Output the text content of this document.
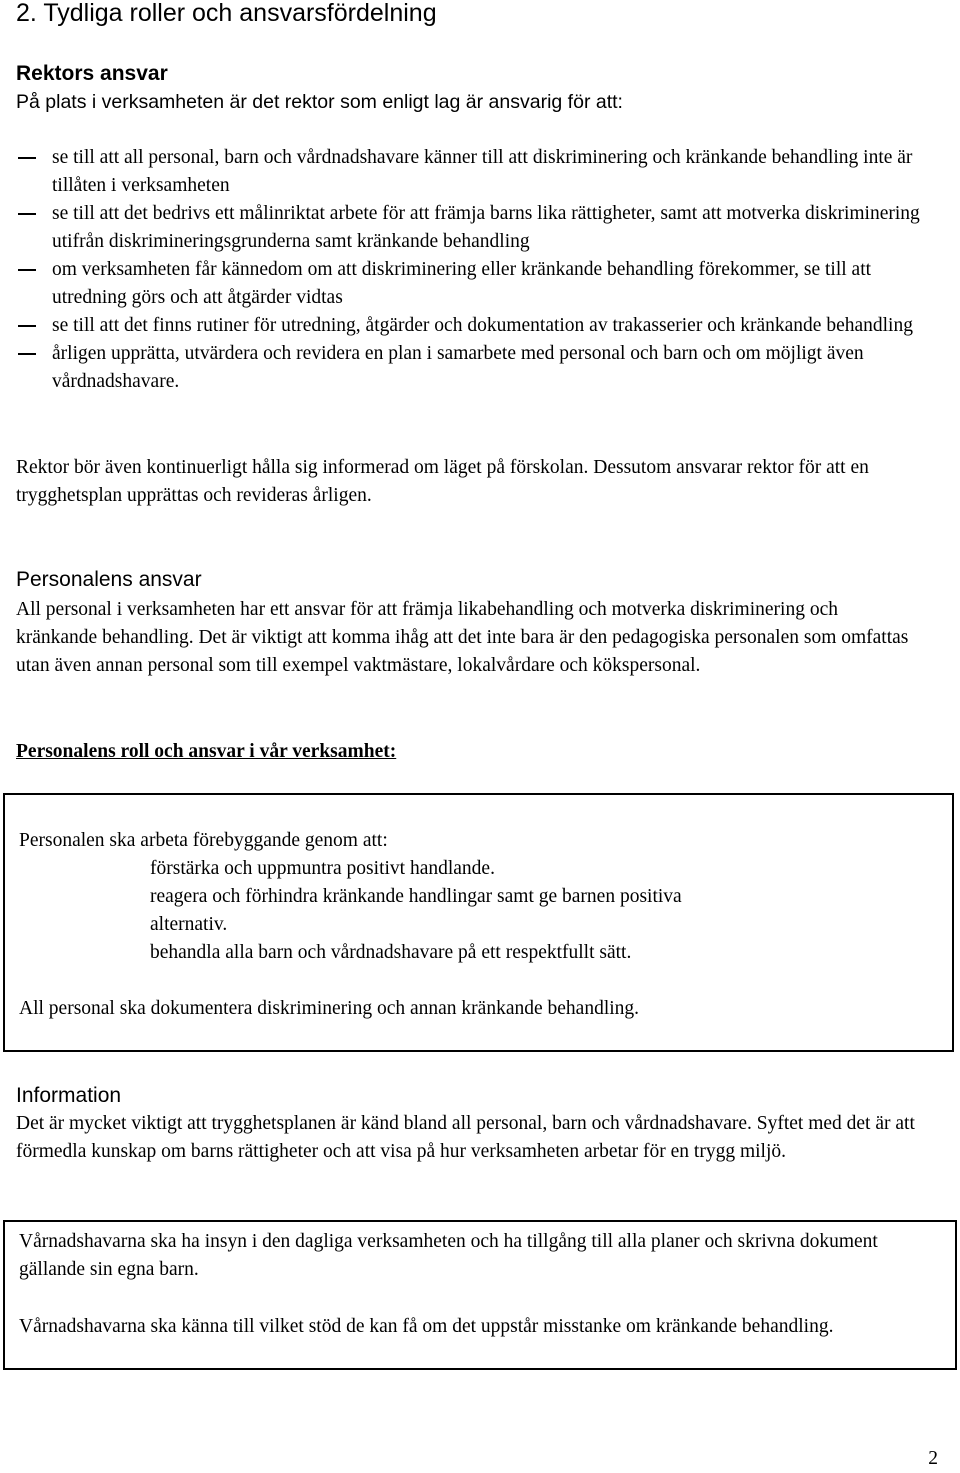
2. Tydliga roller och ansvarsfördelning
Rektors ansvar

På plats i verksamheten är det rektor som enligt lag är ansvarig för att:

se till att all personal, barn och vårdnadshavare känner till att diskriminering och kränkande behandling inte är tillåten i verksamheten
se till att det bedrivs ett målinriktat arbete för att främja barns lika rättigheter, samt att motverka diskriminering utifrån diskrimineringsgrunderna samt kränkande behandling
om verksamheten får kännedom om att diskriminering eller kränkande behandling förekommer, se till att utredning görs och att åtgärder vidtas
se till att det finns rutiner för utredning, åtgärder och dokumentation av trakasserier och kränkande behandling
årligen upprätta, utvärdera och revidera en plan i samarbete med personal och barn och om möjligt även vårdnadshavare.

Rektor bör även kontinuerligt hålla sig informerad om läget på förskolan. Dessutom ansvarar rektor för att en trygghetsplan upprättas och revideras årligen.

Personalens ansvar

All personal i verksamheten har ett ansvar för att främja likabehandling och motverka diskriminering och kränkande behandling. Det är viktigt att komma ihåg att det inte bara är den pedagogiska personalen som omfattas utan även annan personal som till exempel vaktmästare, lokalvårdare och kökspersonal.

Personalens roll och ansvar i vår verksamhet:

Personalen ska arbeta förebyggande genom att:

förstärka och uppmuntra positivt handlande.
reagera och förhindra kränkande handlingar samt ge barnen positiva alternativ.
behandla alla barn och vårdnadshavare på ett respektfullt sätt.

All personal ska dokumentera diskriminering och annan kränkande behandling.

Information

Det är mycket viktigt att trygghetsplanen är känd bland all personal, barn och vårdnadshavare. Syftet med det är att förmedla kunskap om barns rättigheter och att visa på hur verksamheten arbetar för en trygg miljö.

Vårnadshavarna ska ha insyn i den dagliga verksamheten och ha tillgång till alla planer och skrivna dokument gällande sin egna barn.

Vårnadshavarna ska känna till vilket stöd de kan få om det uppstår misstanke om kränkande behandling.

2
